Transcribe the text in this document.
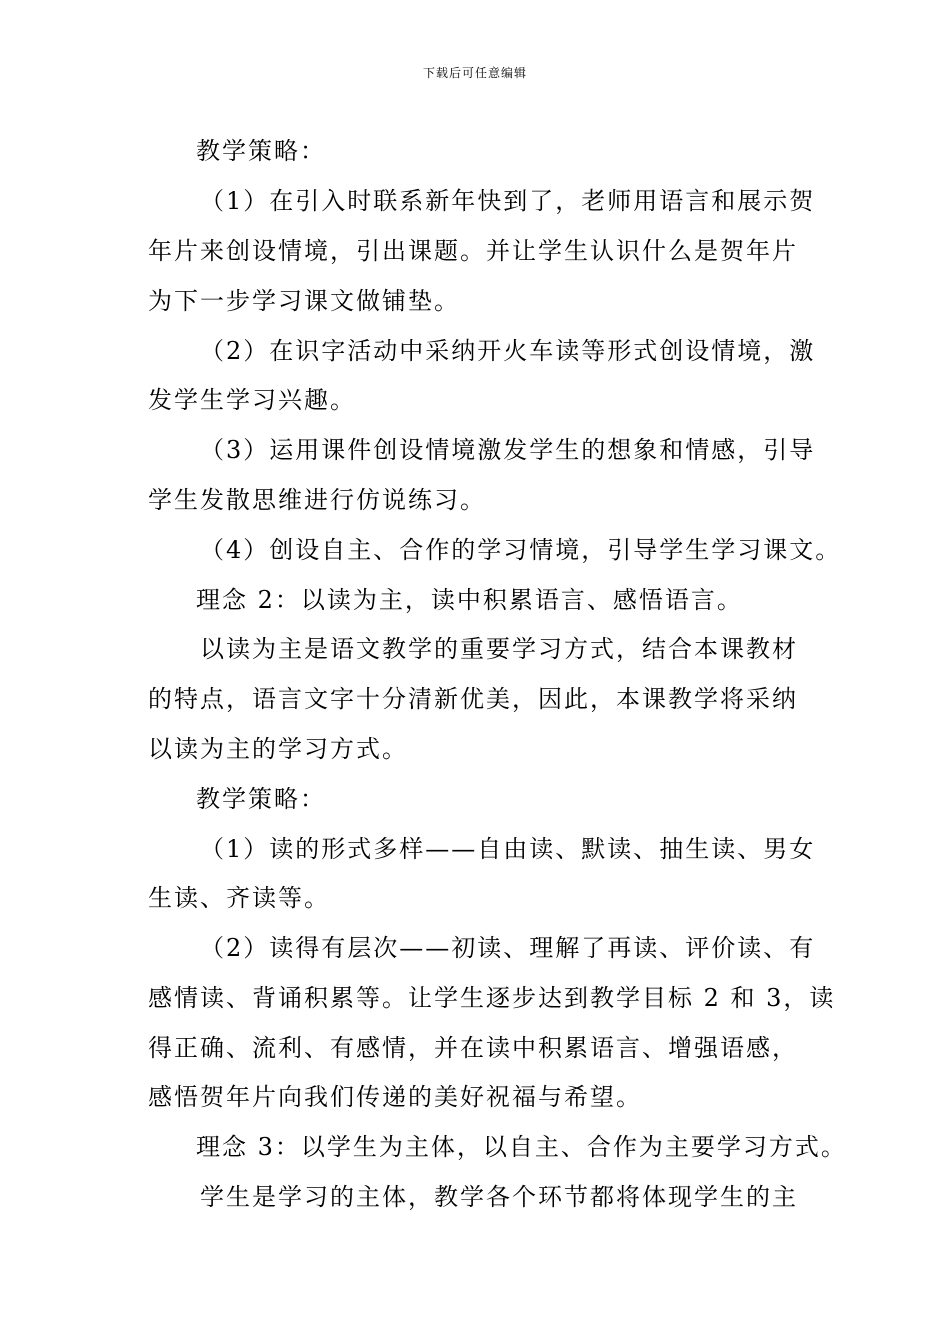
下载后可任意编辑
教学策略：
（1）在引入时联系新年快到了，老师用语言和展示贺
年片来创设情境，引出课题。并让学生认识什么是贺年片
为下一步学习课文做铺垫。
（2）在识字活动中采纳开火车读等形式创设情境，激
发学生学习兴趣。
（3）运用课件创设情境激发学生的想象和情感，引导
学生发散思维进行仿说练习。
（4）创设自主、合作的学习情境，引导学生学习课文。
理念 2：以读为主，读中积累语言、感悟语言。
以读为主是语文教学的重要学习方式，结合本课教材
的特点，语言文字十分清新优美，因此，本课教学将采纳
以读为主的学习方式。
教学策略：
（1）读的形式多样——自由读、默读、抽生读、男女
生读、齐读等。
（2）读得有层次——初读、理解了再读、评价读、有
感情读、背诵积累等。让学生逐步达到教学目标 2 和 3，读
得正确、流利、有感情，并在读中积累语言、增强语感，
感悟贺年片向我们传递的美好祝福与希望。
理念 3：以学生为主体，以自主、合作为主要学习方式。
学生是学习的主体，教学各个环节都将体现学生的主
